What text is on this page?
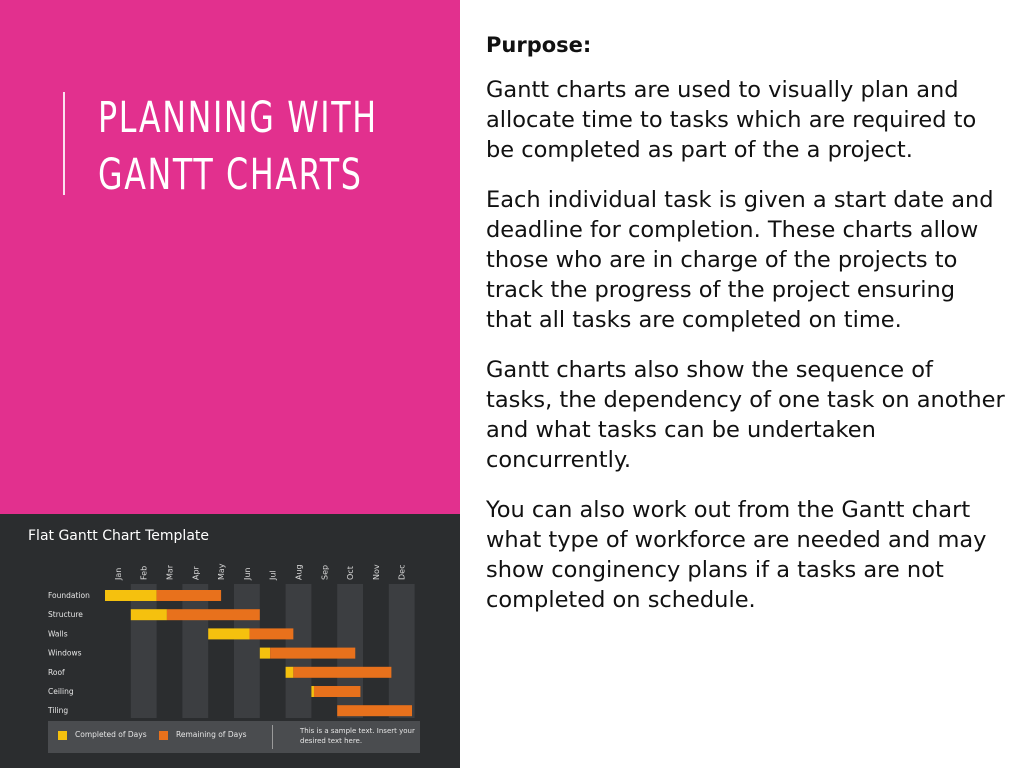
PLANNING WITH
GANTT CHARTS

Purpose:

Gantt charts are used to visually plan and allocate time to tasks which are required to be completed as part of the a project.

Each individual task is given a start date and deadline for completion. These charts allow those who are in charge of the projects to track the progress of the project ensuring that all tasks are completed on time.

Gantt charts also show the sequence of tasks, the dependency of one task on another and what tasks can be undertaken concurrently.

You can also work out from the Gantt chart what type of workforce are needed and may show conginency plans if a tasks are not completed on schedule.

Flat Gantt Chart Template
Jan Feb Mar Apr May Jun Jul Aug Sep Oct Nov Dec
Foundation
Structure
Walls
Windows
Roof
Ceiling
Tiling
Completed of Days	Remaining of Days	This is a sample text. Insert your desired text here.
